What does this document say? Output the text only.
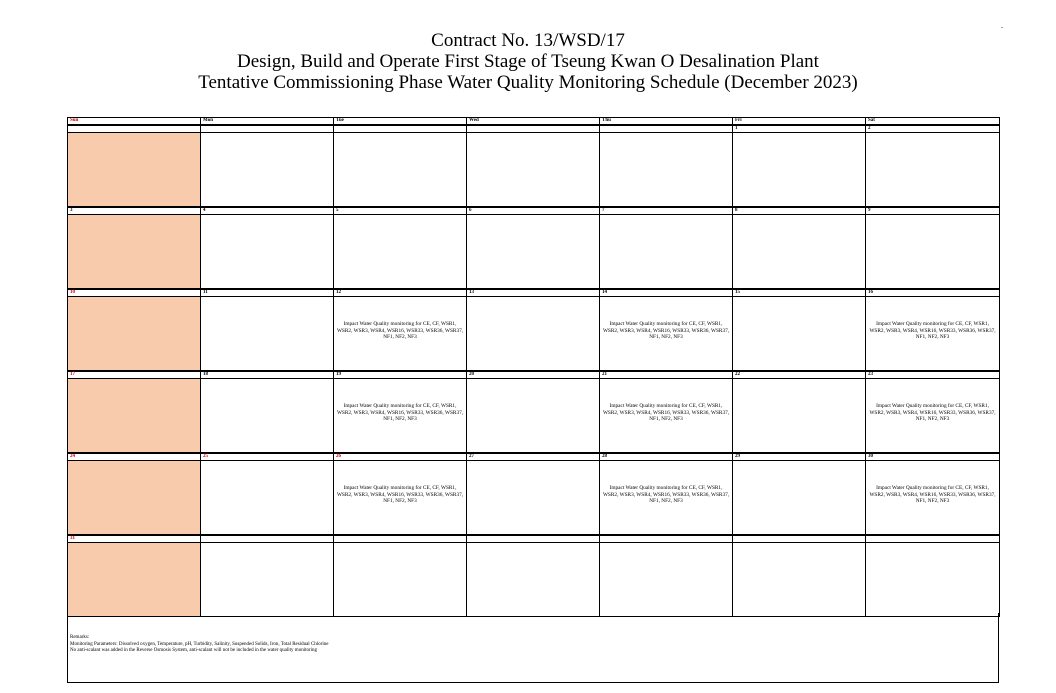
.
Contract No. 13/WSD/17
Design, Build and Operate First Stage of Tseung Kwan O Desalination Plant
Tentative Commissioning Phase Water Quality Monitoring Schedule (December 2023)
Sun	Mon	Tue	Wed	Thu	Fri	Sat
					1	2

3	4	5	6	7	8	9

10	11	12	13	14	15	16

		Impact Water Quality monitoring for CE, CF, WSR1, WSR2, WSR3, WSR4, WSR16, WSR33, WSR36, WSR37, NF1, NF2, NF3		Impact Water Quality monitoring for CE, CF, WSR1, WSR2, WSR3, WSR4, WSR16, WSR33, WSR36, WSR37, NF1, NF2, NF3		Impact Water Quality monitoring for CE, CF, WSR1, WSR2, WSR3, WSR4, WSR16, WSR33, WSR36, WSR37, NF1, NF2, NF3

17	18	19	20	21	22	23

		Impact Water Quality monitoring for CE, CF, WSR1, WSR2, WSR3, WSR4, WSR16, WSR33, WSR36, WSR37, NF1, NF2, NF3		Impact Water Quality monitoring for CE, CF, WSR1, WSR2, WSR3, WSR4, WSR16, WSR33, WSR36, WSR37, NF1, NF2, NF3		Impact Water Quality monitoring for CE, CF, WSR1, WSR2, WSR3, WSR4, WSR16, WSR33, WSR36, WSR37, NF1, NF2, NF3

24	25	26	27	28	29	30

		Impact Water Quality monitoring for CE, CF, WSR1, WSR2, WSR3, WSR4, WSR16, WSR33, WSR36, WSR37, NF1, NF2, NF3		Impact Water Quality monitoring for CE, CF, WSR1, WSR2, WSR3, WSR4, WSR16, WSR33, WSR36, WSR37, NF1, NF2, NF3		Impact Water Quality monitoring for CE, CF, WSR1, WSR2, WSR3, WSR4, WSR16, WSR33, WSR36, WSR37, NF1, NF2, NF3

31						

Remarks:
Monitoring Parameters: Dissolved oxygen, Temperature, pH, Turbidity, Salinity, Suspended Solids, Iron, Total Residual Chlorine
No anti-scalant was added in the Reverse Osmosis System, anti-scalant will not be included in the water quality monitoring
